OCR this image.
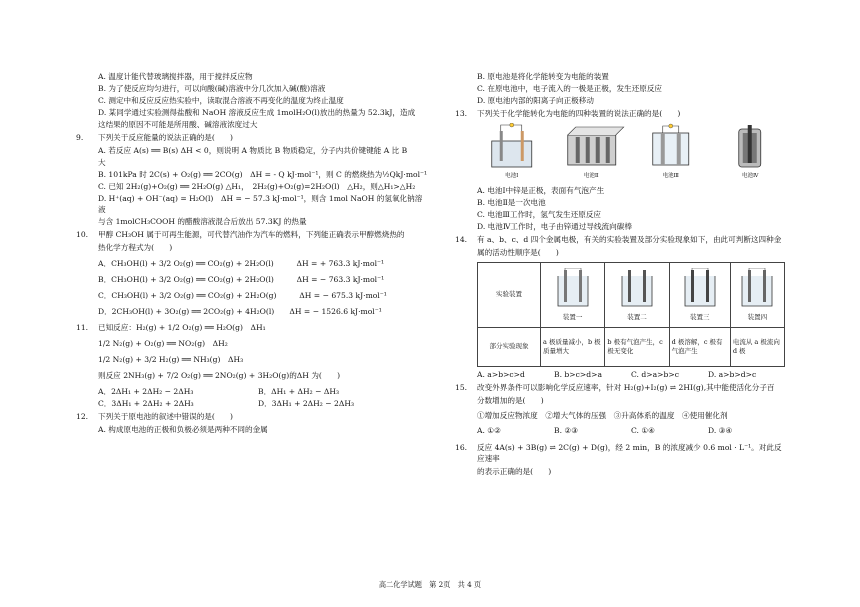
A. 温度计能代替玻璃搅拌器，用于搅拌反应物
B. 为了使反应均匀进行，可以向酸(碱)溶液中分几次加入碱(酸)溶液
C. 测定中和反应反应热实验中，读取混合溶液不再变化的温度为终止温度
D. 某同学通过实验测得盐酸和 NaOH 溶液反应生成 1molH₂O(l)放出的热量为 52.3kJ，造成
这结果的原因不可能是所用酸、碱溶液浓度过大
9.	下列关于反应能量的说法正确的是(　　)
A. 若反应 A(s) ══ B(s) ΔH < 0，则说明 A 物质比 B 物质稳定，分子内共价键键能 A 比 B
大
B. 101kPa 时 2C(s) + O₂(g) ══ 2CO(g)　ΔH = - Q kJ·mol⁻¹，则 C 的燃烧热为½QkJ·mol⁻¹
C. 已知 2H₂(g)+O₂(g) ══ 2H₂O(g) △H₁，　2H₂(g)+O₂(g)=2H₂O(l)　△H₂，则△H₁>△H₂
D. H⁺(aq) + OH⁻(aq) = H₂O(l)　ΔH = − 57.3 kJ·mol⁻¹，则含 1mol NaOH 的氢氧化钠溶液
与含 1molCH₃COOH 的醋酸溶液混合后放出 57.3KJ 的热量
10.	甲醇 CH₃OH 属于可再生能源，可代替汽油作为汽车的燃料，下列能正确表示甲醇燃烧热的
热化学方程式为(　　)
A．CH₃OH(l) + 3/2 O₂(g) ══ CO₂(g) + 2H₂O(l)　　　ΔH = + 763.3 kJ·mol⁻¹
B．CH₃OH(l) + 3/2 O₂(g) ══ CO₂(g) + 2H₂O(l)　　　ΔH = − 763.3 kJ·mol⁻¹
C．CH₃OH(l) + 3/2 O₂(g) ══ CO₂(g) + 2H₂O(g)　　　ΔH = − 675.3 kJ·mol⁻¹
D．2CH₃OH(l) + 3O₂(g) ══ 2CO₂(g) + 4H₂O(l)　　ΔH = − 1526.6 kJ·mol⁻¹
11.	已知反应：H₂(g) + 1/2 O₂(g) ══ H₂O(g)　ΔH₁
1/2 N₂(g) + O₂(g) ══ NO₂(g)　ΔH₂
1/2 N₂(g) + 3/2 H₂(g) ══ NH₃(g)　ΔH₃
则反应 2NH₃(g) + 7/2 O₂(g) ══ 2NO₂(g) + 3H₂O(g)的ΔH 为(　　)
A．2ΔH₁ + 2ΔH₂ − 2ΔH₃	B．ΔH₁ + ΔH₂ − ΔH₃
C．3ΔH₁ + 2ΔH₂ + 2ΔH₃	D．3ΔH₁ + 2ΔH₂ − 2ΔH₃
12.	下列关于原电池的叙述中错误的是(　　)
A. 构成原电池的正极和负极必须是两种不同的金属
B. 原电池是将化学能转变为电能的装置
C. 在原电池中，电子流入的一极是正极，发生还原反应
D. 原电池内部的阳离子向正极移动
13.	下列关于化学能转化为电能的四种装置的说法正确的是(　　)
电池Ⅰ	电池Ⅱ	电池Ⅲ	电池Ⅳ
A. 电池Ⅰ中锌是正极，表面有气泡产生
B. 电池Ⅱ是一次电池
C. 电池Ⅲ工作时，氢气发生还原反应
D. 电池Ⅳ工作时，电子由锌通过导线流向碳棒
14.	有 a、b、c、d 四个金属电极，有关的实验装置及部分实验现象如下，由此可判断这四种金
属的活动性顺序是(　　)
实验装置	装置一	装置二	装置三	装置四

部分实验现象	a 极质量减小，b 极质量增大	b 极有气泡产生，c 极无变化	d 极溶解，c 极有气泡产生	电流从 a 极流向 d 极
A. a>b>c>d	B. b>c>d>a	C. d>a>b>c	D. a>b>d>c
15.	改变外界条件可以影响化学反应速率，针对 H₂(g)+I₂(g) ⇌ 2HI(g),其中能使活化分子百
分数增加的是(　　)
①增加反应物浓度　②增大气体的压强　③升高体系的温度　④使用催化剂
A. ①②	B. ②③	C. ①④	D. ③④
16.	反应 4A(s) + 3B(g) ⇌ 2C(g) + D(g)，经 2 min，B 的浓度减少 0.6 mol · L⁻¹。对此反应速率
的表示正确的是(　　)
高二化学试题　第 2页　共 4 页
